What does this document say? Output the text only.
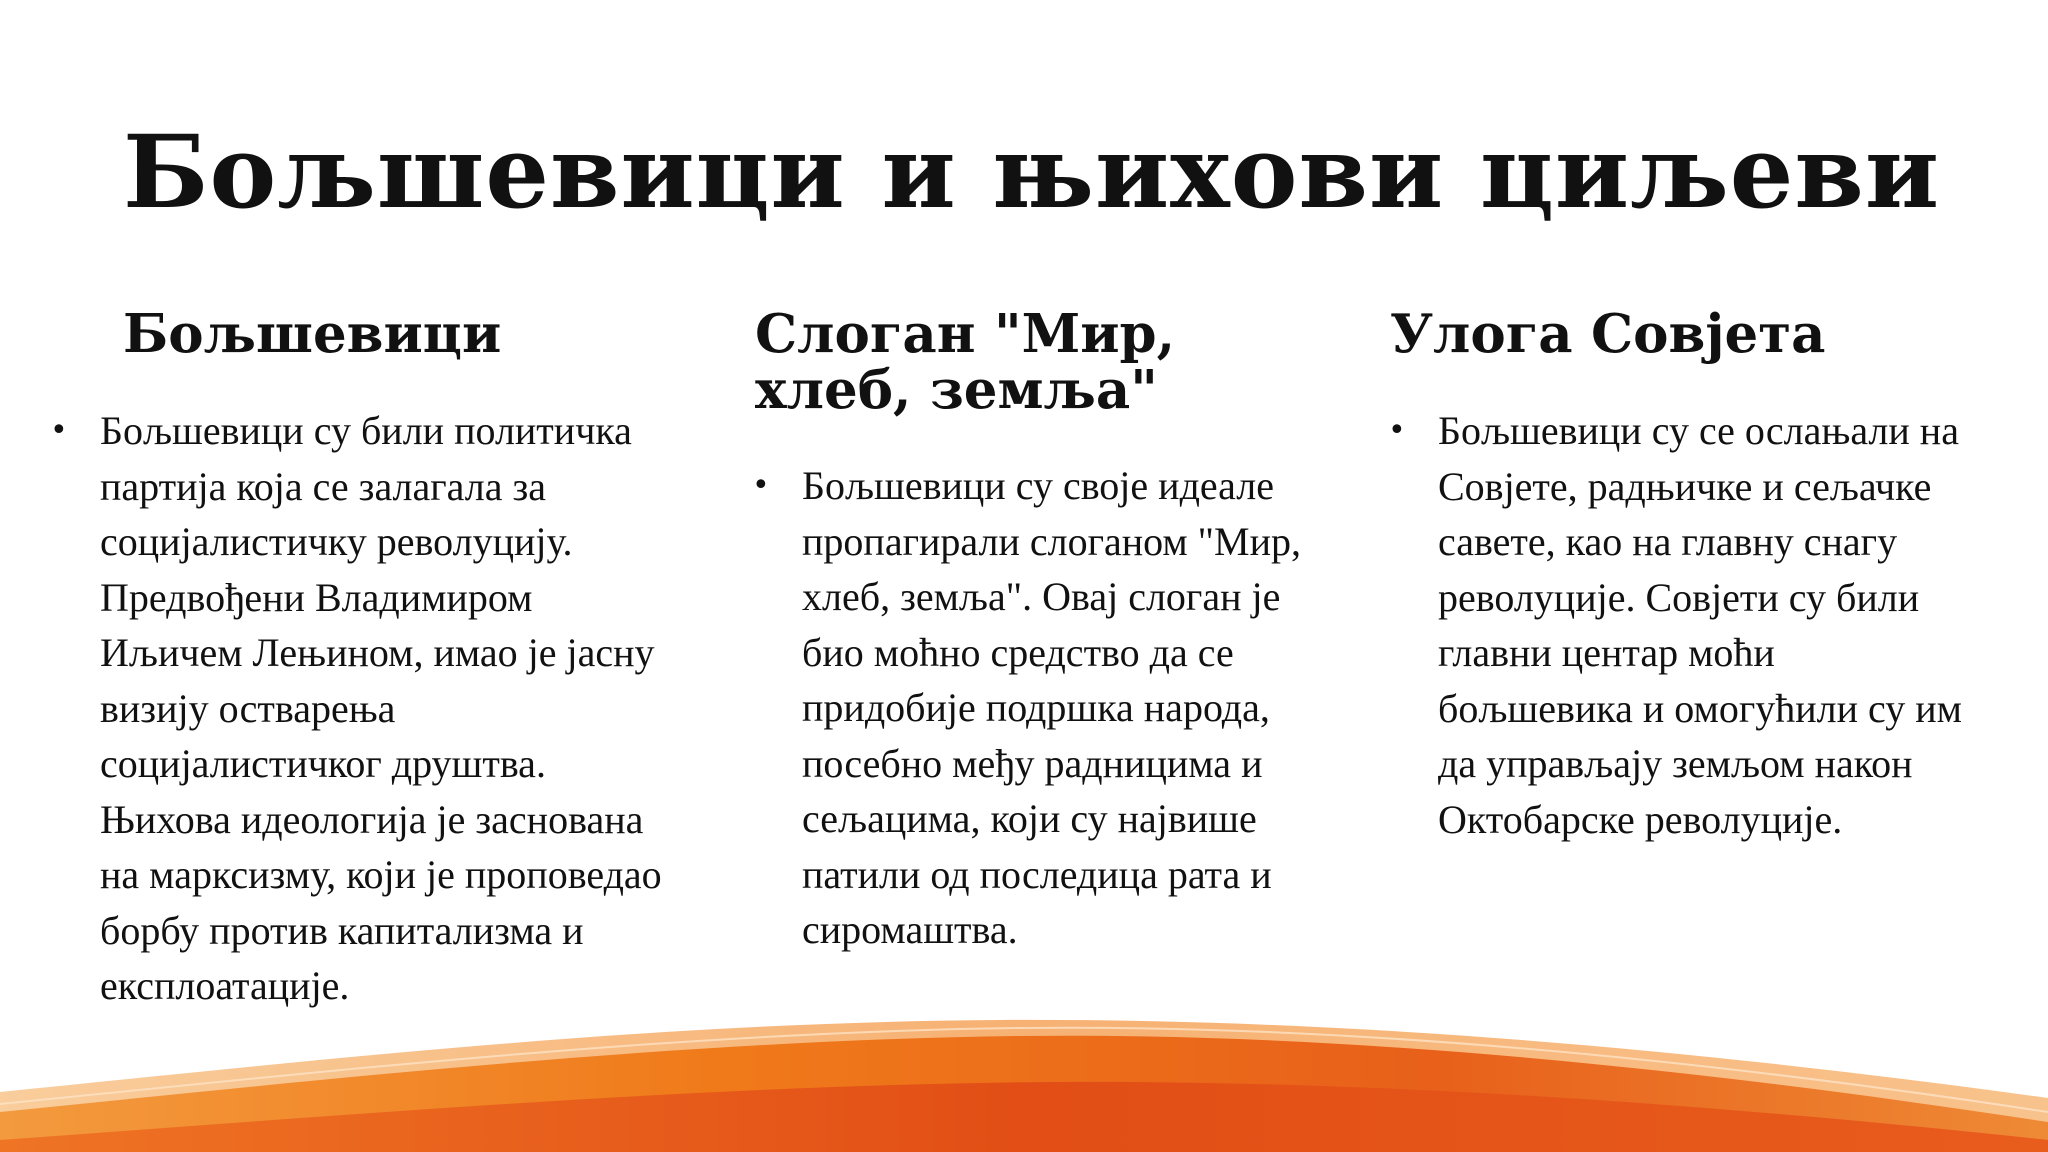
Бољшевици и њихови циљеви
Бољшевици
• Бољшевици су били политичка партија која се залагала за социјалистичку револуцију. Предвођени Владимиром Иљичем Лењином, имао је јасну визију остварења социјалистичког друштва. Њихова идеологија је заснована на марксизму, који је проповедао борбу против капитализма и експлоатације.
Слоган "Мир, хлеб, земља"
• Бољшевици су своје идеале пропагирали слоганом "Мир, хлеб, земља". Овај слоган је био моћно средство да се придобије подршка народа, посебно међу радницима и сељацима, који су највише патили од последица рата и сиромаштва.
Улога Совјета
• Бољшевици су се ослањали на Совјете, радњичке и сељачке савете, као на главну снагу револуције. Совјети су били главни центар моћи бољшевика и омогућили су им да управљају земљом након Октобарске револуције.
